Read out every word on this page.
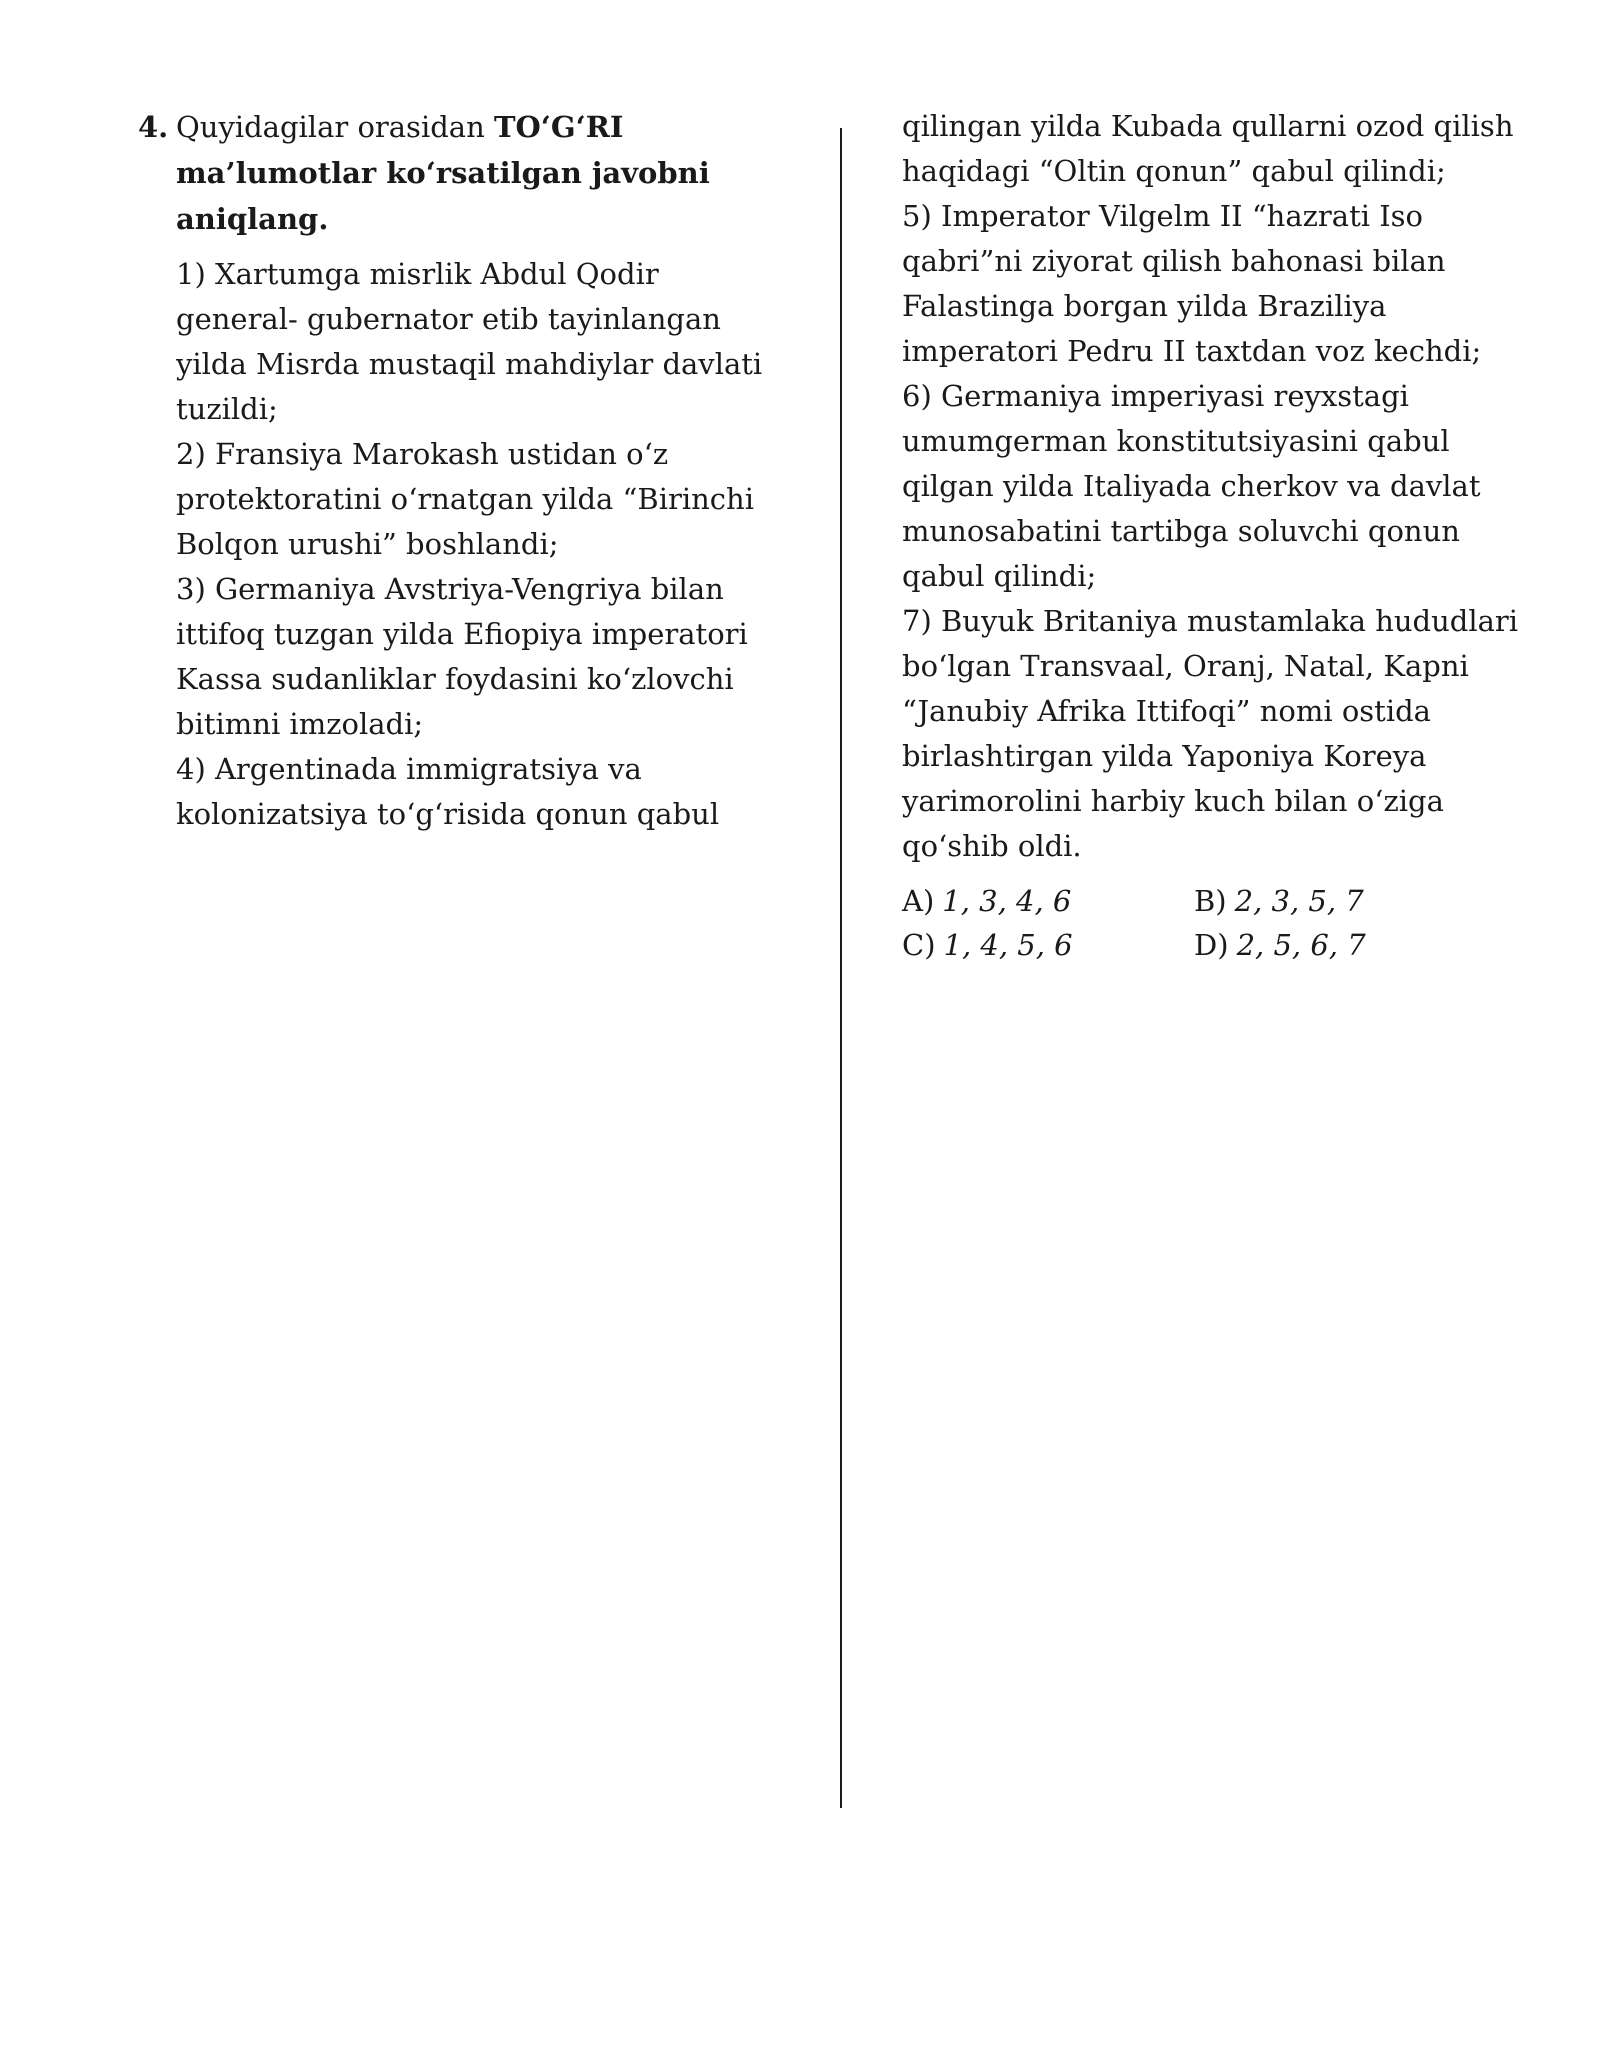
4. Quyidagilar orasidan TO‘G‘RI ma’lumotlar ko‘rsatilgan javobni aniqlang.

1) Xartumga misrlik Abdul Qodir general- gubernator etib tayinlangan yilda Misrda mustaqil mahdiylar davlati tuzildi;

2) Fransiya Marokash ustidan o‘z protektoratini o‘rnatgan yilda “Birinchi Bolqon urushi” boshlandi;

3) Germaniya Avstriya-Vengriya bilan ittifoq tuzgan yilda Efiopiya imperatori Kassa sudanliklar foydasini ko‘zlovchi bitimni imzoladi;

4) Argentinada immigratsiya va kolonizatsiya to‘g‘risida qonun qabul

qilingan yilda Kubada qullarni ozod qilish haqidagi “Oltin qonun” qabul qilindi;

5) Imperator Vilgelm II “hazrati Iso qabri”ni ziyorat qilish bahonasi bilan Falastinga borgan yilda Braziliya imperatori Pedru II taxtdan voz kechdi;

6) Germaniya imperiyasi reyxstagi umumgerman konstitutsiyasini qabul qilgan yilda Italiyada cherkov va davlat munosabatini tartibga soluvchi qonun qabul qilindi;

7) Buyuk Britaniya mustamlaka hududlari bo‘lgan Transvaal, Oranj, Natal, Kapni “Janubiy Afrika Ittifoqi” nomi ostida birlashtirgan yilda Yaponiya Koreya yarimorolini harbiy kuch bilan o‘ziga qo‘shib oldi.

A) 1, 3, 4, 6	B) 2, 3, 5, 7
C) 1, 4, 5, 6	D) 2, 5, 6, 7
